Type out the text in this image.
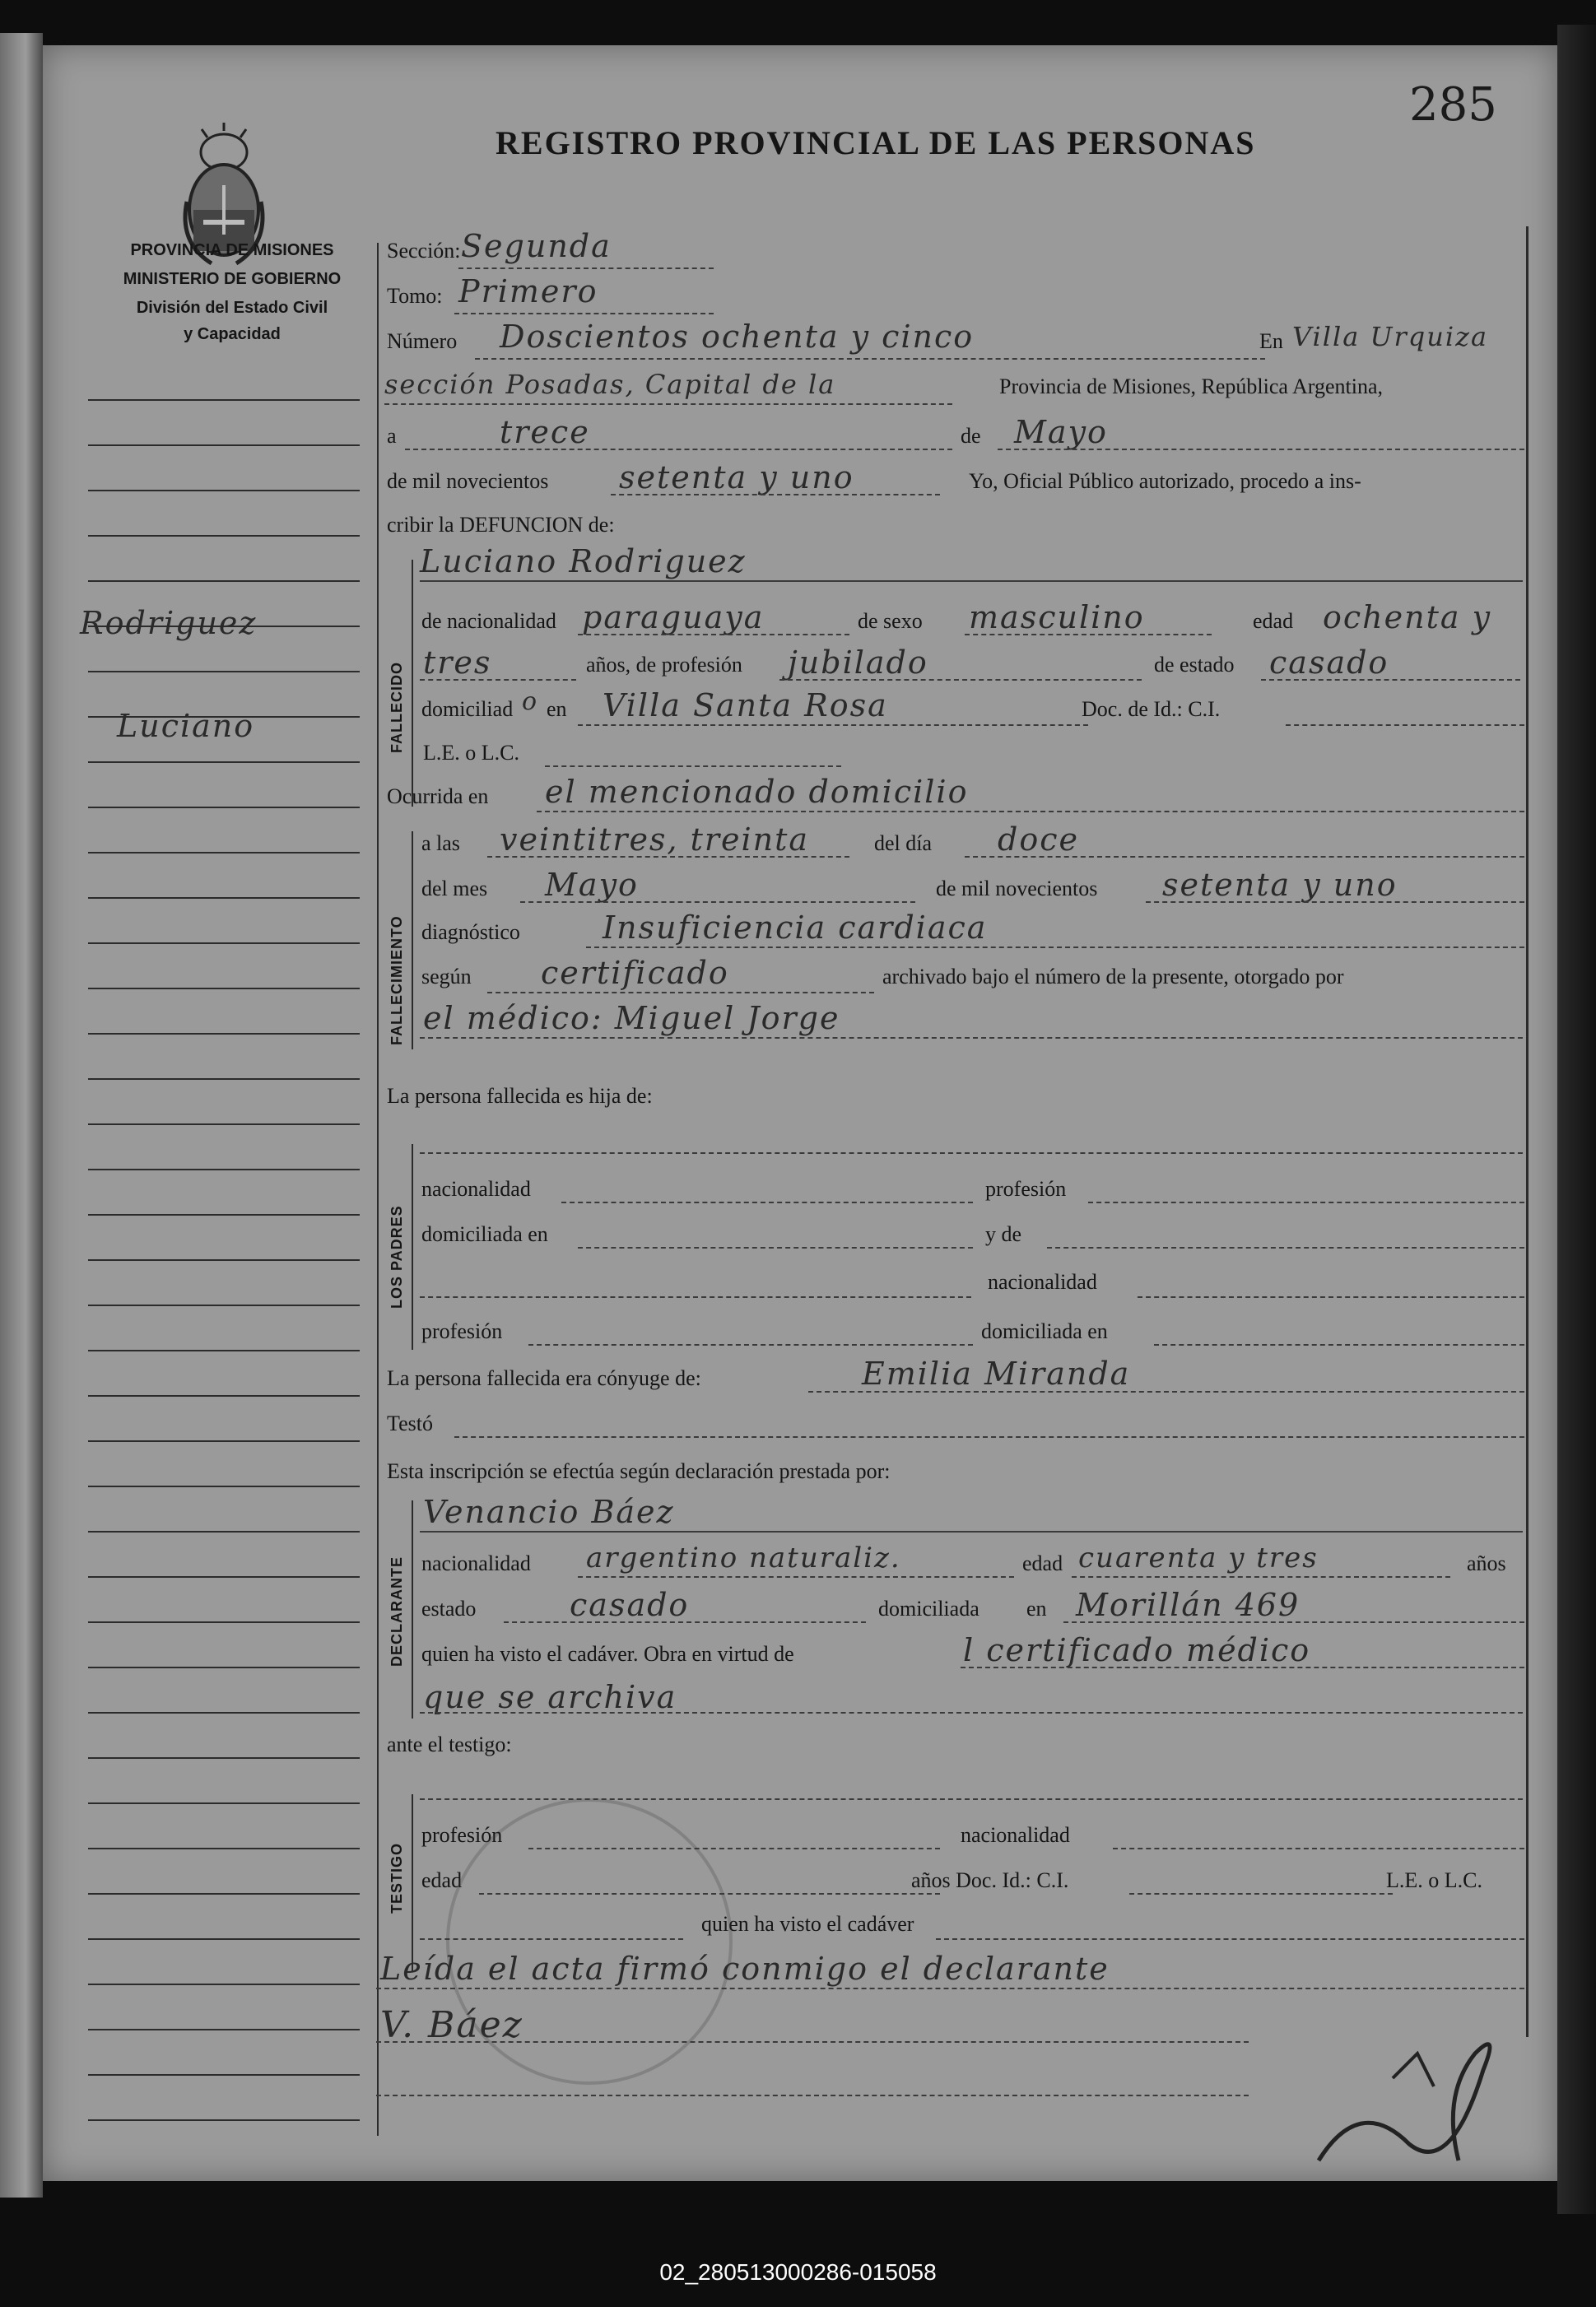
285
PROVINCIA DE MISIONES
MINISTERIO DE GOBIERNO
División del Estado Civil
y Capacidad
REGISTRO PROVINCIAL DE LAS PERSONAS
Rodriguez
Luciano
Sección: Segunda
Tomo: Primero
Número Doscientos ochenta y cinco	En Villa Urquiza
sección Posadas, Capital de la	Provincia de Misiones, República Argentina,
a	trece	de Mayo
de mil novecientos setenta y uno	Yo, Oficial Público autorizado, procedo a ins-
cribir la DEFUNCION de:
FALLECIDO
Luciano Rodriguez
de nacionalidad paraguaya	de sexo masculino	edad ochenta y
tres	años, de profesión jubilado	de estado casado
domiciliad o en Villa Santa Rosa	Doc. de Id.: C.I.
L.E. o L.C.
Ocurrida en el mencionado domicilio
FALLECIMIENTO
a las veintitres, treinta	del día doce
del mes Mayo	de mil novecientos setenta y uno
diagnóstico	Insuficiencia cardiaca
según certificado	archivado bajo el número de la presente, otorgado por
el médico: Miguel Jorge
La persona fallecida es hija de:
LOS PADRES
nacionalidad	profesión
domiciliada en	y de
nacionalidad
profesión	domiciliada en
La persona fallecida era cónyuge de:	Emilia Miranda
Testó
Esta inscripción se efectúa según declaración prestada por:
DECLARANTE
Venancio Báez
nacionalidad argentino naturaliz.	edad cuarenta y tres	años
estado	casado	domiciliada en Morillán 469
quien ha visto el cadáver. Obra en virtud de	l certificado médico
que se archiva
ante el testigo:
TESTIGO
profesión	nacionalidad
edad	años Doc. Id.: C.I.	L.E. o L.C.
quien ha visto el cadáver
Leída el acta firmó conmigo el declarante
V. Báez
02_280513000286-015058
